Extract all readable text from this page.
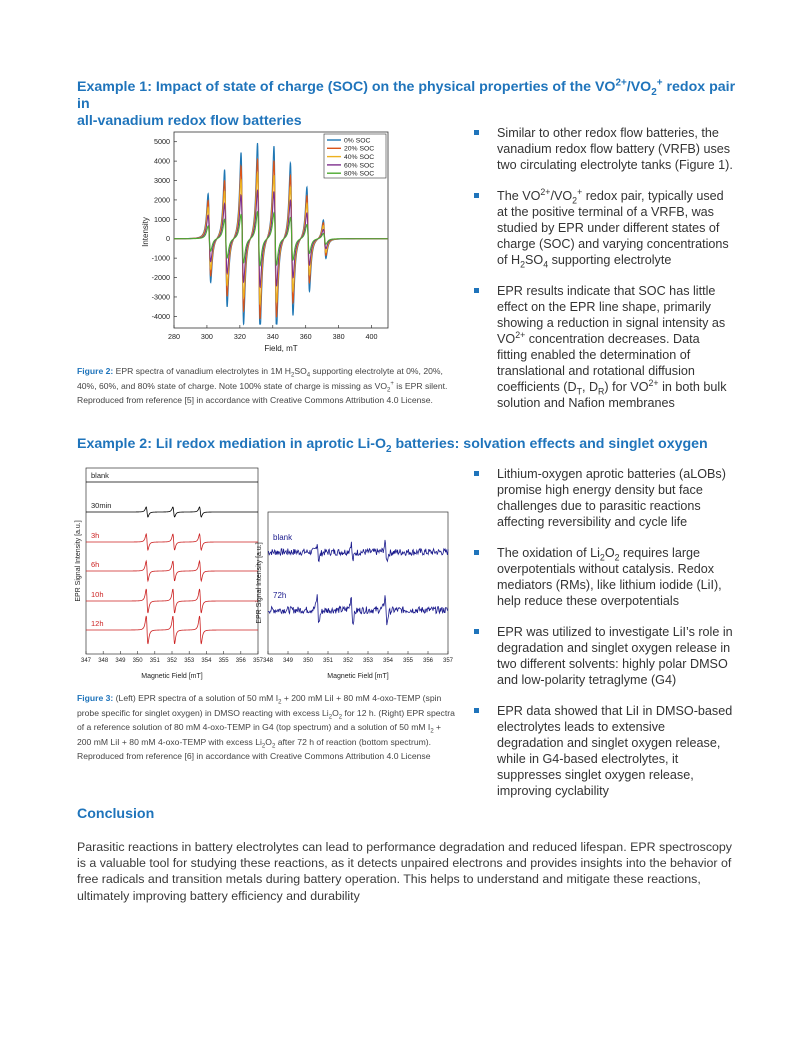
Example 1: Impact of state of charge (SOC) on the physical properties of the $VO^{2+}/VO_2^+$ redox pair in
all-vanadium redox flow batteries
280	300	320	340	360	380	400
5000
4000
3000
2000
1000
0
-1000
-2000
-3000
-4000
Field, mT
Intensity
0% SOC
20% SOC
40% SOC
60% SOC
80% SOC
Figure 2: EPR spectra of vanadium electrolytes in 1M $H_2SO_4$ supporting electrolyte at 0%, 20%, 40%, 60%, and 80% state of charge. Note 100% state of charge is missing as $VO_2^+$ is EPR silent. Reproduced from reference [5] in accordance with Creative Commons Attribution 4.0 License.
Similar to other redox flow batteries, the vanadium redox flow battery (VRFB) uses two circulating electrolyte tanks (Figure 1).
The $VO^{2+}/VO_2^+$ redox pair, typically used at the positive terminal of a VRFB, was studied by EPR under different states of charge (SOC) and varying concentrations of $H_2SO_4$ supporting electrolyte
EPR results indicate that SOC has little effect on the EPR line shape, primarily showing a reduction in signal intensity as $VO^{2+}$ concentration decreases. Data fitting enabled the determination of translational and rotational diffusion coefficients ($D_T$, $D_R$) for $VO^{2+}$ in both bulk solution and Nafion membranes
Example 2: LiI redox mediation in aprotic $Li-O_2$ batteries: solvation effects and singlet oxygen
347 348 349 350 351 352 353 354 355 356 357
Magnetic Field [mT]
EPR Signal Intensity [a.u.]
blank
30min
3h
6h
10h
12h
348 349 350 351 352 353 354 355 356 357
Magnetic Field [mT]
EPR Signal Intensity [a.u.]
blank
72h
Figure 3: (Left) EPR spectra of a solution of 50 mM $I_2 + 200$ mM LiI + 80 mM 4-oxo-TEMP (spin probe specific for singlet oxygen) in DMSO reacting with excess $Li_2O_2$ for 12 h. (Right) EPR spectra of a reference solution of 80 mM 4-oxo-TEMP in G4 (top spectrum) and a solution of 50 mM $I_2 + 200$ mM LiI + 80 mM 4-oxo-TEMP with excess $Li_2O_2$ after 72 h of reaction (bottom spectrum). Reproduced from reference [6] in accordance with Creative Commons Attribution 4.0 License
Lithium-oxygen aprotic batteries (aLOBs) promise high energy density but face challenges due to parasitic reactions affecting reversibility and cycle life
The oxidation of $Li_2O_2$ requires large overpotentials without catalysis. Redox mediators (RMs), like lithium iodide (LiI), help reduce these overpotentials
EPR was utilized to investigate LiI’s role in degradation and singlet oxygen release in two different solvents: highly polar DMSO and low-polarity tetraglyme (G4)
EPR data showed that LiI in DMSO-based electrolytes leads to extensive degradation and singlet oxygen release, while in G4-based electrolytes, it suppresses singlet oxygen release, improving cyclability
Conclusion

Parasitic reactions in battery electrolytes can lead to performance degradation and reduced lifespan. EPR spectroscopy is a valuable tool for studying these reactions, as it detects unpaired electrons and provides insights into the behavior of free radicals and transition metals during battery operation. This helps to understand and mitigate these reactions, ultimately improving battery efficiency and durability
